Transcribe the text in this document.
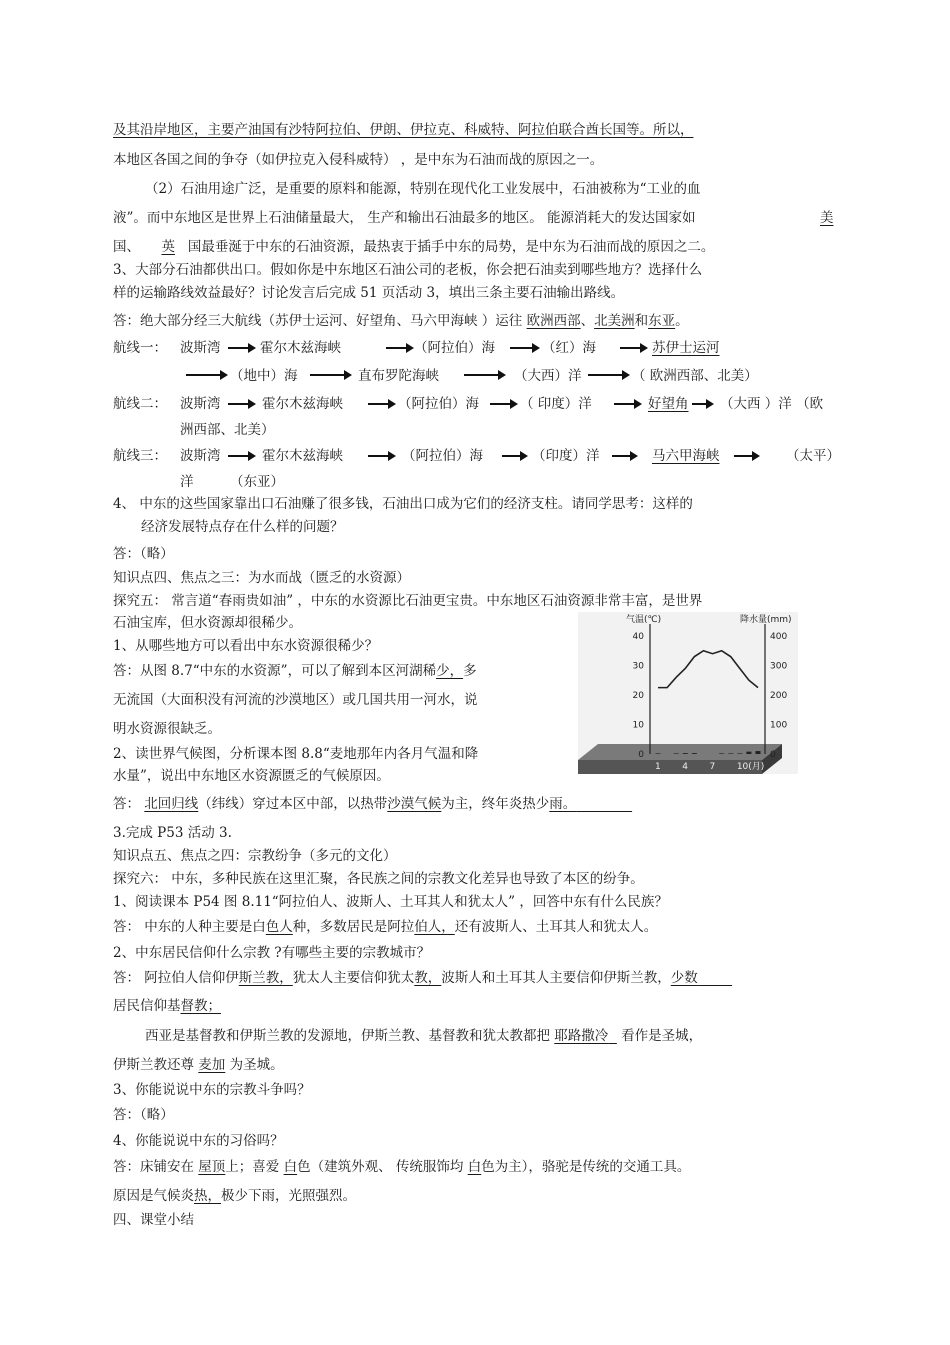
及其沿岸地区，主要产油国有沙特阿拉伯、伊朗、伊拉克、科威特、阿拉伯联合酋长国等。所以，
本地区各国之间的争夺（如伊拉克入侵科威特） ，是中东为石油而战的原因之一。
（2）石油用途广泛，是重要的原料和能源，特别在现代化工业发展中，石油被称为“工业的血
液”。而中东地区是世界上石油储量最大， 生产和输出石油最多的地区。 能源消耗大的发达国家如	美
国、 英 国最垂涎于中东的石油资源，最热衷于插手中东的局势，是中东为石油而战的原因之二。
3、大部分石油都供出口。假如你是中东地区石油公司的老板，你会把石油卖到哪些地方？选择什么
样的运输路线效益最好？讨论发言后完成 51 页活动 3，填出三条主要石油输出路线。
答：绝大部分经三大航线（苏伊士运河、好望角、马六甲海峡 ）运往 欧洲西部、北美洲和东亚。
航线一： 波斯湾	霍尔木兹海峡	（阿拉伯）海	（红）海	苏伊士运河
（地中）海	直布罗陀海峡	（大西）洋	（ 欧洲西部、北美）
航线二： 波斯湾	霍尔木兹海峡	（阿拉伯）海	（ 印度）洋	好望角 （大西 ）洋 （欧
洲西部、北美）
航线三： 波斯湾	霍尔木兹海峡	（阿拉伯）海	（印度）洋	马六甲海峡	（太平）
洋	（东亚）
4、 中东的这些国家靠出口石油赚了很多钱，石油出口成为它们的经济支柱。请同学思考：这样的
经济发展特点存在什么样的问题？
答：（略）
知识点四、焦点之三：为水而战（匮乏的水资源）
探究五： 常言道“春雨贵如油” ，中东的水资源比石油更宝贵。中东地区石油资源非常丰富，是世界
石油宝库，但水资源却很稀少。
1、从哪些地方可以看出中东水资源很稀少？
答：从图 8.7“中东的水资源”，可以了解到本区河湖稀少，多
无流国（大面积没有河流的沙漠地区）或几国共用一河水，说
明水资源很缺乏。
2、读世界气候图，分析课本图 8.8“麦地那年内各月气温和降
水量”，说出中东地区水资源匮乏的气候原因。
答： 北回归线（纬线）穿过本区中部，以热带沙漠气候为主，终年炎热少雨。
3.完成 P53 活动 3.
知识点五、焦点之四：宗教纷争（多元的文化）
探究六： 中东，多种民族在这里汇聚，各民族之间的宗教文化差异也导致了本区的纷争。
1、阅读课本 P54 图 8.11“阿拉伯人、波斯人、土耳其人和犹太人” ，回答中东有什么民族？
答： 中东的人种主要是白色人种，多数居民是阿拉伯人，还有波斯人、土耳其人和犹太人。
2、中东居民信仰什么宗教 ?有哪些主要的宗教城市？
答： 阿拉伯人信仰伊斯兰教，犹太人主要信仰犹太教，波斯人和土耳其人主要信仰伊斯兰教，少数
居民信仰基督教；
西亚是基督教和伊斯兰教的发源地，伊斯兰教、基督教和犹太教都把 耶路撒冷   看作是圣城，
伊斯兰教还尊 麦加 为圣城。
3、你能说说中东的宗教斗争吗？
答：（略）
4、你能说说中东的习俗吗？
答：床铺安在 屋顶上；喜爱 白色（建筑外观、 传统服饰均 白色为主），骆驼是传统的交通工具。
原因是气候炎热，极少下雨，光照强烈。
四、课堂小结
气温(℃)	降水量(mm)
40
30
20
10
0
400
300
200
100
0
1 4 7 10(月)
